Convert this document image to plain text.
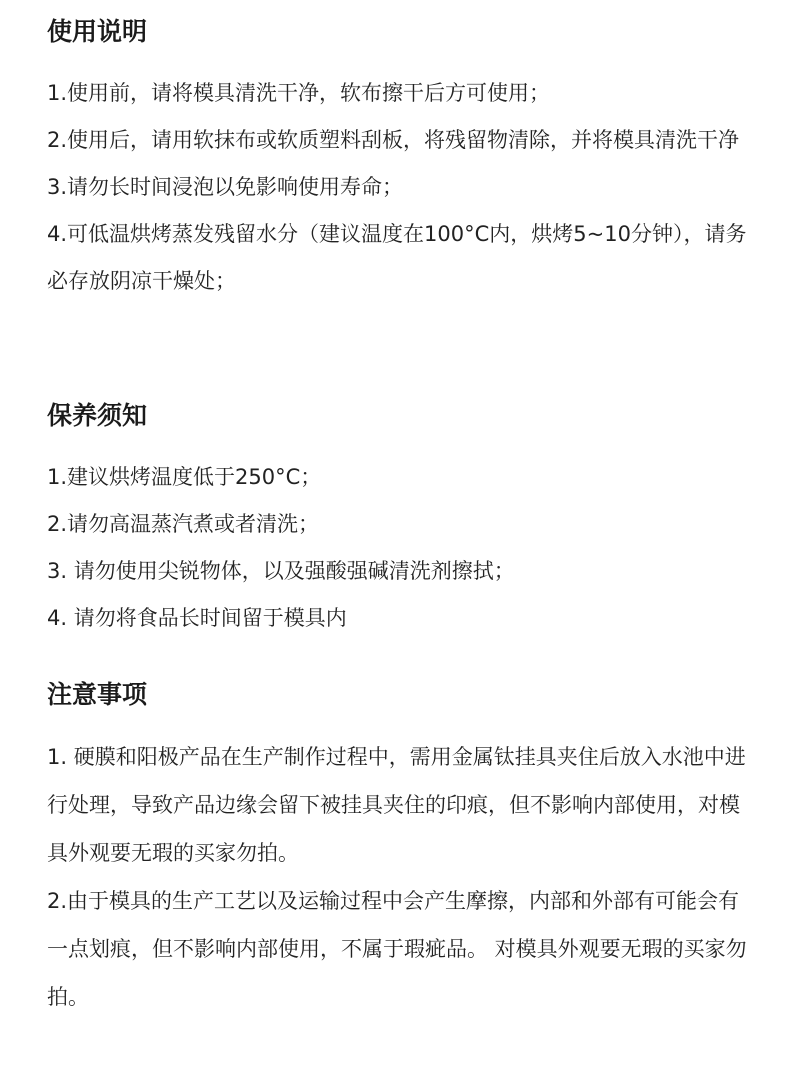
使用说明

1.使用前，请将模具清洗干净，软布擦干后方可使用；

2.使用后，请用软抹布或软质塑料刮板，将残留物清除，并将模具清洗干净

3.请勿长时间浸泡以免影响使用寿命；

4.可低温烘烤蒸发残留水分（建议温度在100°C内，烘烤5~10分钟），请务必存放阴凉干燥处；

保养须知

1.建议烘烤温度低于250°C；

2.请勿高温蒸汽煮或者清洗；

3. 请勿使用尖锐物体，以及强酸强碱清洗剂擦拭；

4. 请勿将食品长时间留于模具内

注意事项

1. 硬膜和阳极产品在生产制作过程中，需用金属钛挂具夹住后放入水池中进行处理，导致产品边缘会留下被挂具夹住的印痕，但不影响内部使用，对模具外观要无瑕的买家勿拍。

2.由于模具的生产工艺以及运输过程中会产生摩擦，内部和外部有可能会有一点划痕，但不影响内部使用，不属于瑕疵品。 对模具外观要无瑕的买家勿拍。
